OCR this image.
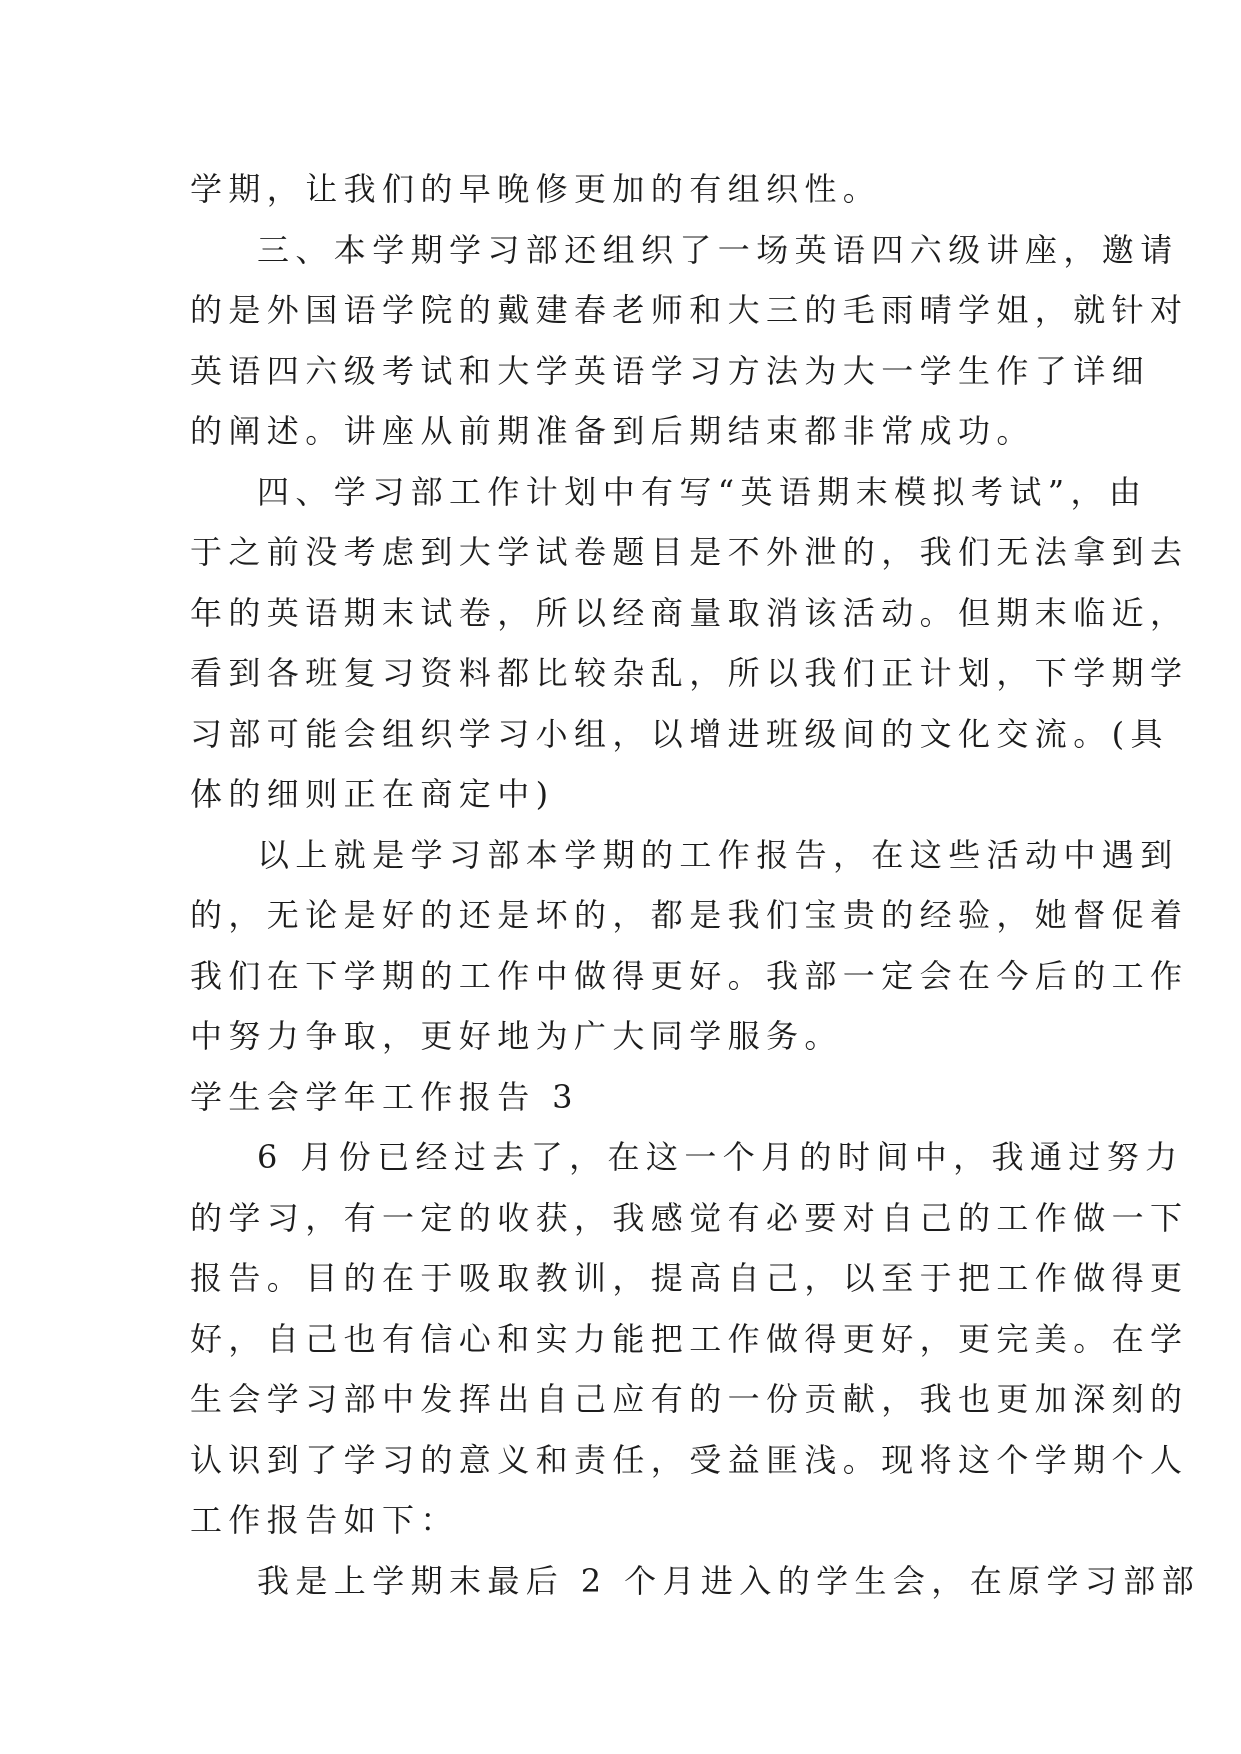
学期，让我们的早晚修更加的有组织性。
三、本学期学习部还组织了一场英语四六级讲座，邀请
的是外国语学院的戴建春老师和大三的毛雨晴学姐，就针对
英语四六级考试和大学英语学习方法为大一学生作了详细
的阐述。讲座从前期准备到后期结束都非常成功。
四、学习部工作计划中有写“英语期末模拟考试”，由
于之前没考虑到大学试卷题目是不外泄的，我们无法拿到去
年的英语期末试卷，所以经商量取消该活动。但期末临近，
看到各班复习资料都比较杂乱，所以我们正计划，下学期学
习部可能会组织学习小组，以增进班级间的文化交流。(具
体的细则正在商定中)
以上就是学习部本学期的工作报告，在这些活动中遇到
的，无论是好的还是坏的，都是我们宝贵的经验，她督促着
我们在下学期的工作中做得更好。我部一定会在今后的工作
中努力争取，更好地为广大同学服务。
学生会学年工作报告 3
6 月份已经过去了，在这一个月的时间中，我通过努力
的学习，有一定的收获，我感觉有必要对自己的工作做一下
报告。目的在于吸取教训，提高自己，以至于把工作做得更
好，自己也有信心和实力能把工作做得更好，更完美。在学
生会学习部中发挥出自己应有的一份贡献，我也更加深刻的
认识到了学习的意义和责任，受益匪浅。现将这个学期个人
工作报告如下：
我是上学期末最后 2 个月进入的学生会，在原学习部部
